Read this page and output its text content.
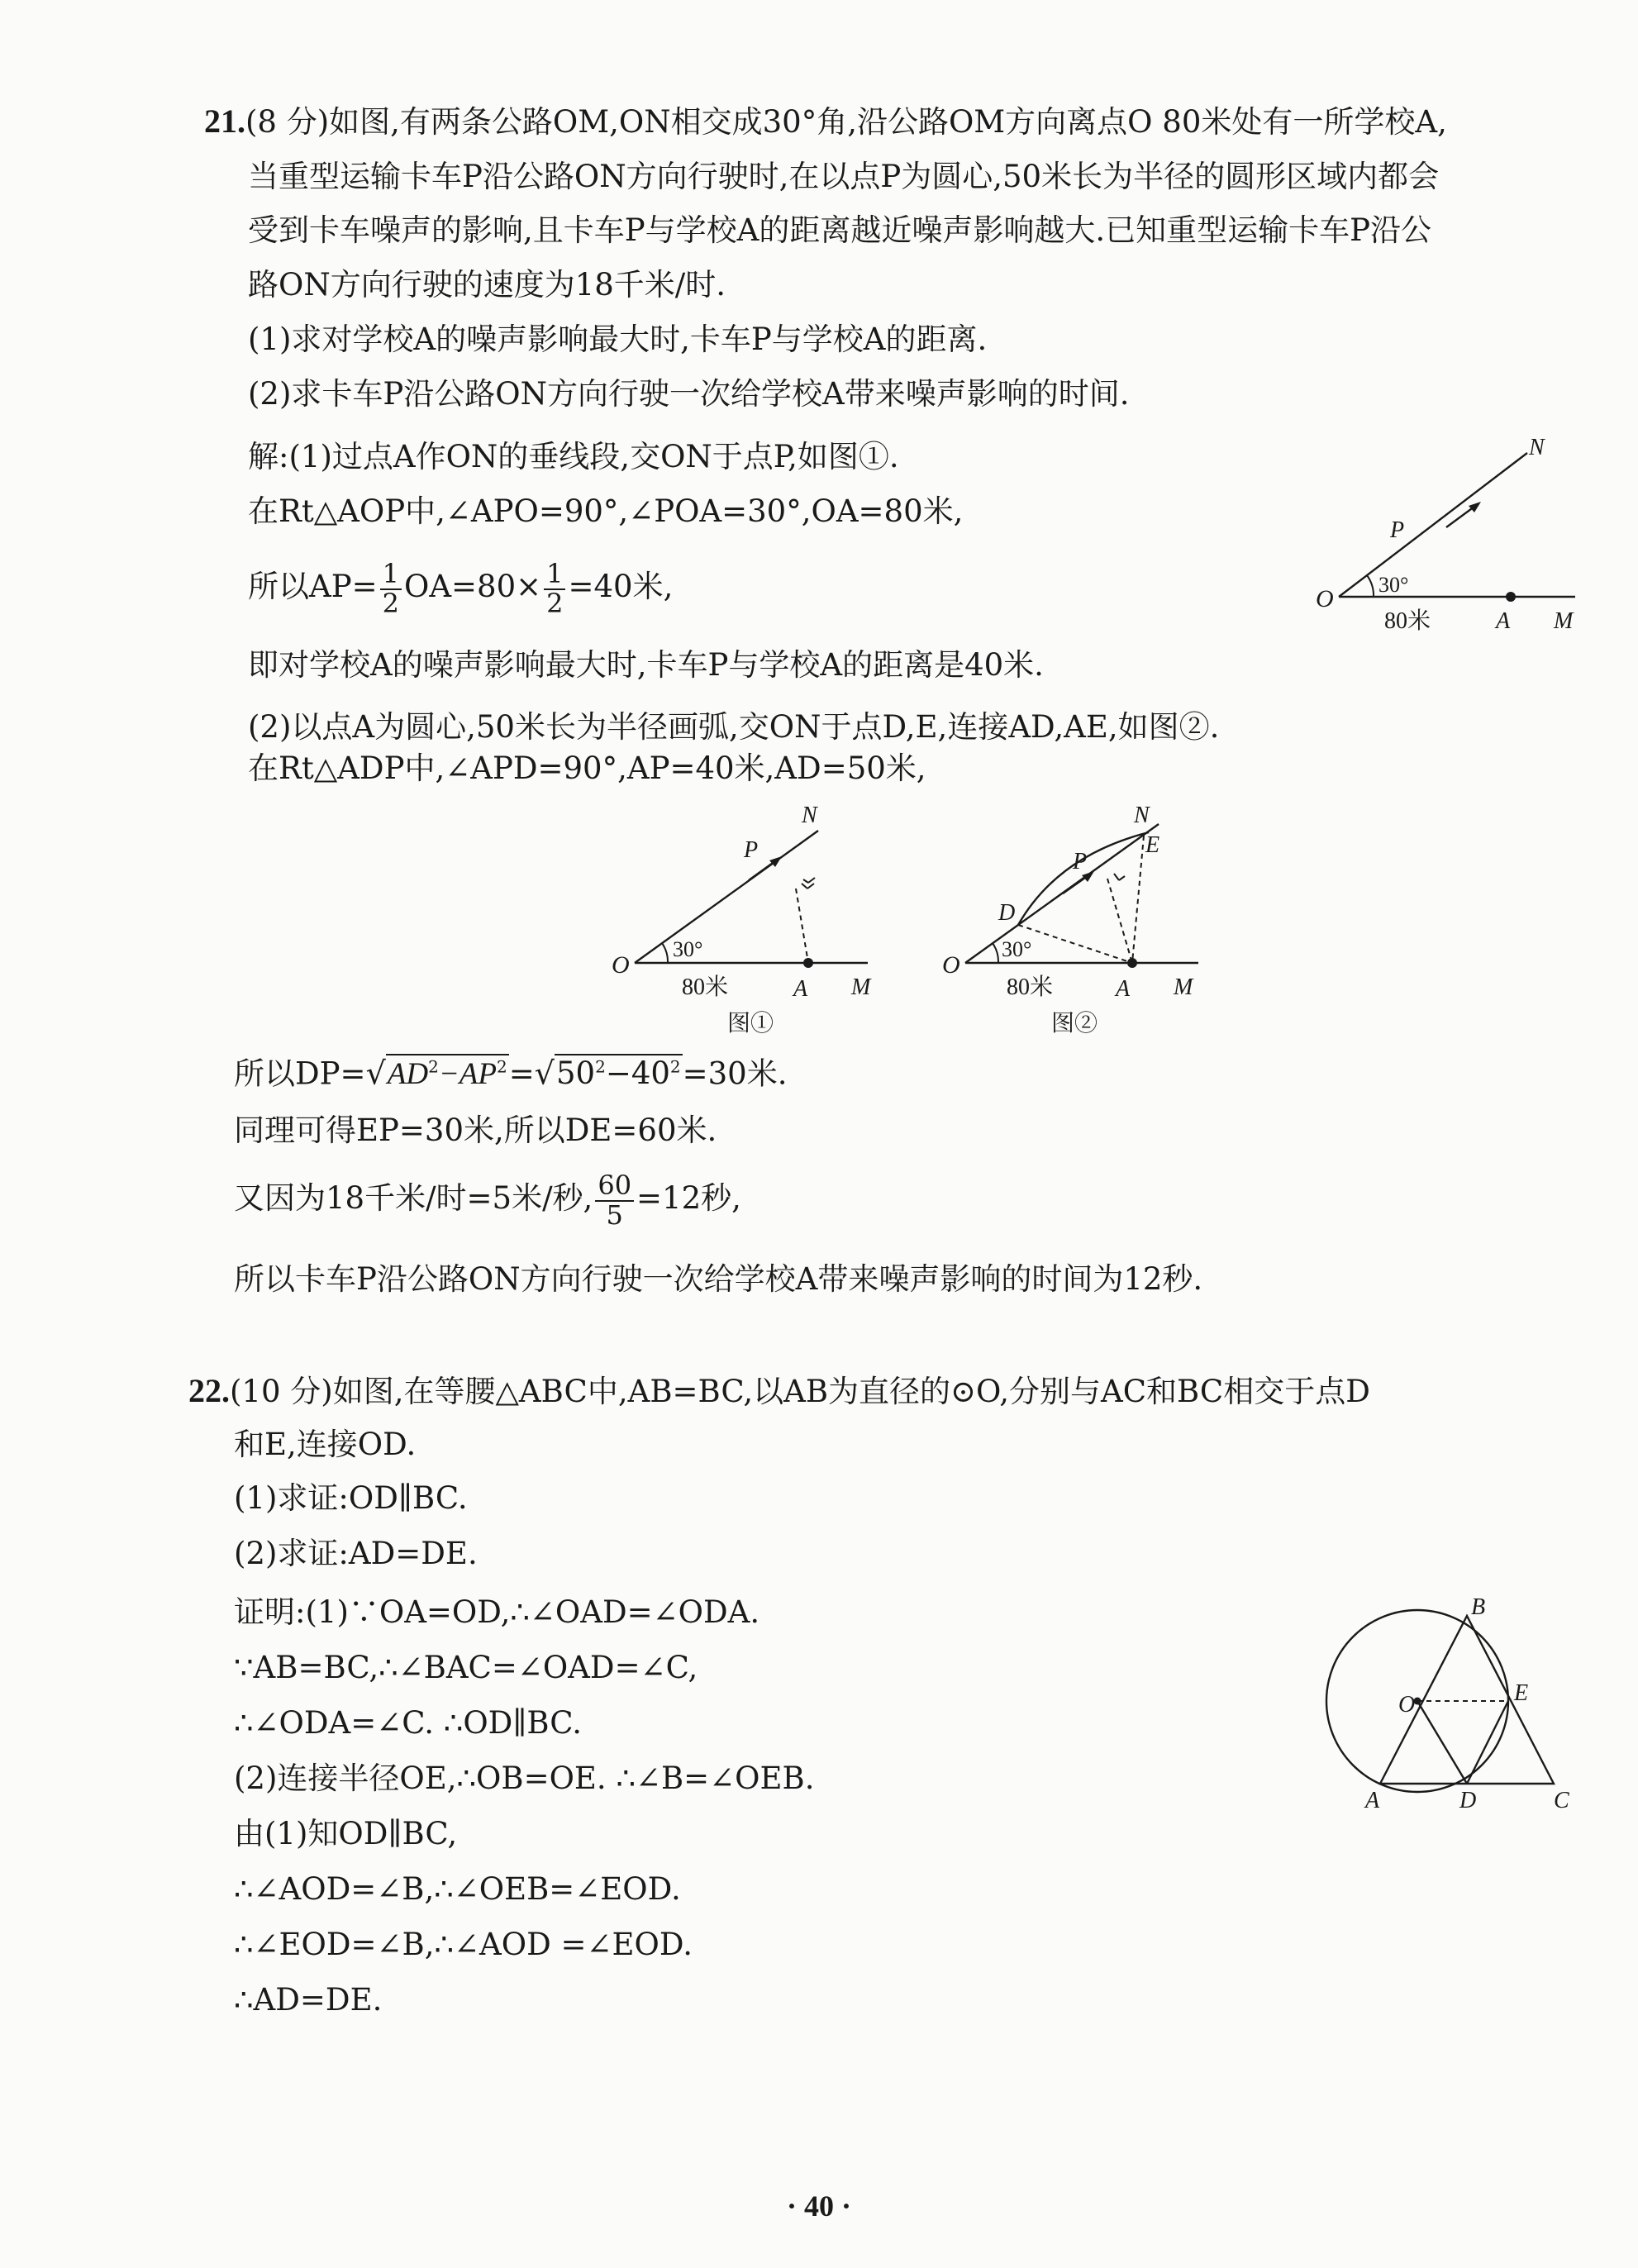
21.(8 分)如图,有两条公路OM,ON相交成30°角,沿公路OM方向离点O 80米处有一所学校A,
当重型运输卡车P沿公路ON方向行驶时,在以点P为圆心,50米长为半径的圆形区域内都会
受到卡车噪声的影响,且卡车P与学校A的距离越近噪声影响越大.已知重型运输卡车P沿公
路ON方向行驶的速度为18千米/时.
(1)求对学校A的噪声影响最大时,卡车P与学校A的距离.
(2)求卡车P沿公路ON方向行驶一次给学校A带来噪声影响的时间.
解:(1)过点A作ON的垂线段,交ON于点P,如图①.
在Rt△AOP中,∠APO=90°,∠POA=30°,OA=80米,
所以$AP= \frac{1}{2} OA=80\times \frac{1}{2} =40$米,
即对学校A的噪声影响最大时,卡车P与学校A的距离是40米.
(2)以点A为圆心,50米长为半径画弧,交ON于点D,E,连接AD,AE,如图②.
在Rt△ADP中,∠APD=90°,AP=40米,AD=50米,
O
30°
80米	A M
N
P
O
30°
80米	A M
N
P
图①
O
30°
80米	A M
N
P
D
E
图②
所以$DP=√AD^2-AP^2=√50^2-40^2=30$米.
同理可得EP=30米,所以DE=60米.
又因为18千米/时=5米/秒, $\frac{60}{5} =12$秒,
所以卡车P沿公路ON方向行驶一次给学校A带来噪声影响的时间为12秒.
22.(10 分)如图,在等腰△ABC中,AB=BC,以AB为直径的⊙O,分别与AC和BC相交于点D
和E,连接OD.
(1)求证:OD∥BC.
(2)求证:AD=DE.
证明:(1)∵OA=OD,∴∠OAD=∠ODA.
∵AB=BC,∴∠BAC=∠OAD=∠C,
∴∠ODA=∠C. ∴OD∥BC.
(2)连接半径OE,∴OB=OE. ∴∠B=∠OEB.
由(1)知OD∥BC,
∴∠AOD=∠B,∴∠OEB=∠EOD.
∴∠EOD=∠B,∴∠AOD =∠EOD.
∴AD=DE.
O
B
E
A	D	C
· 40 ·
